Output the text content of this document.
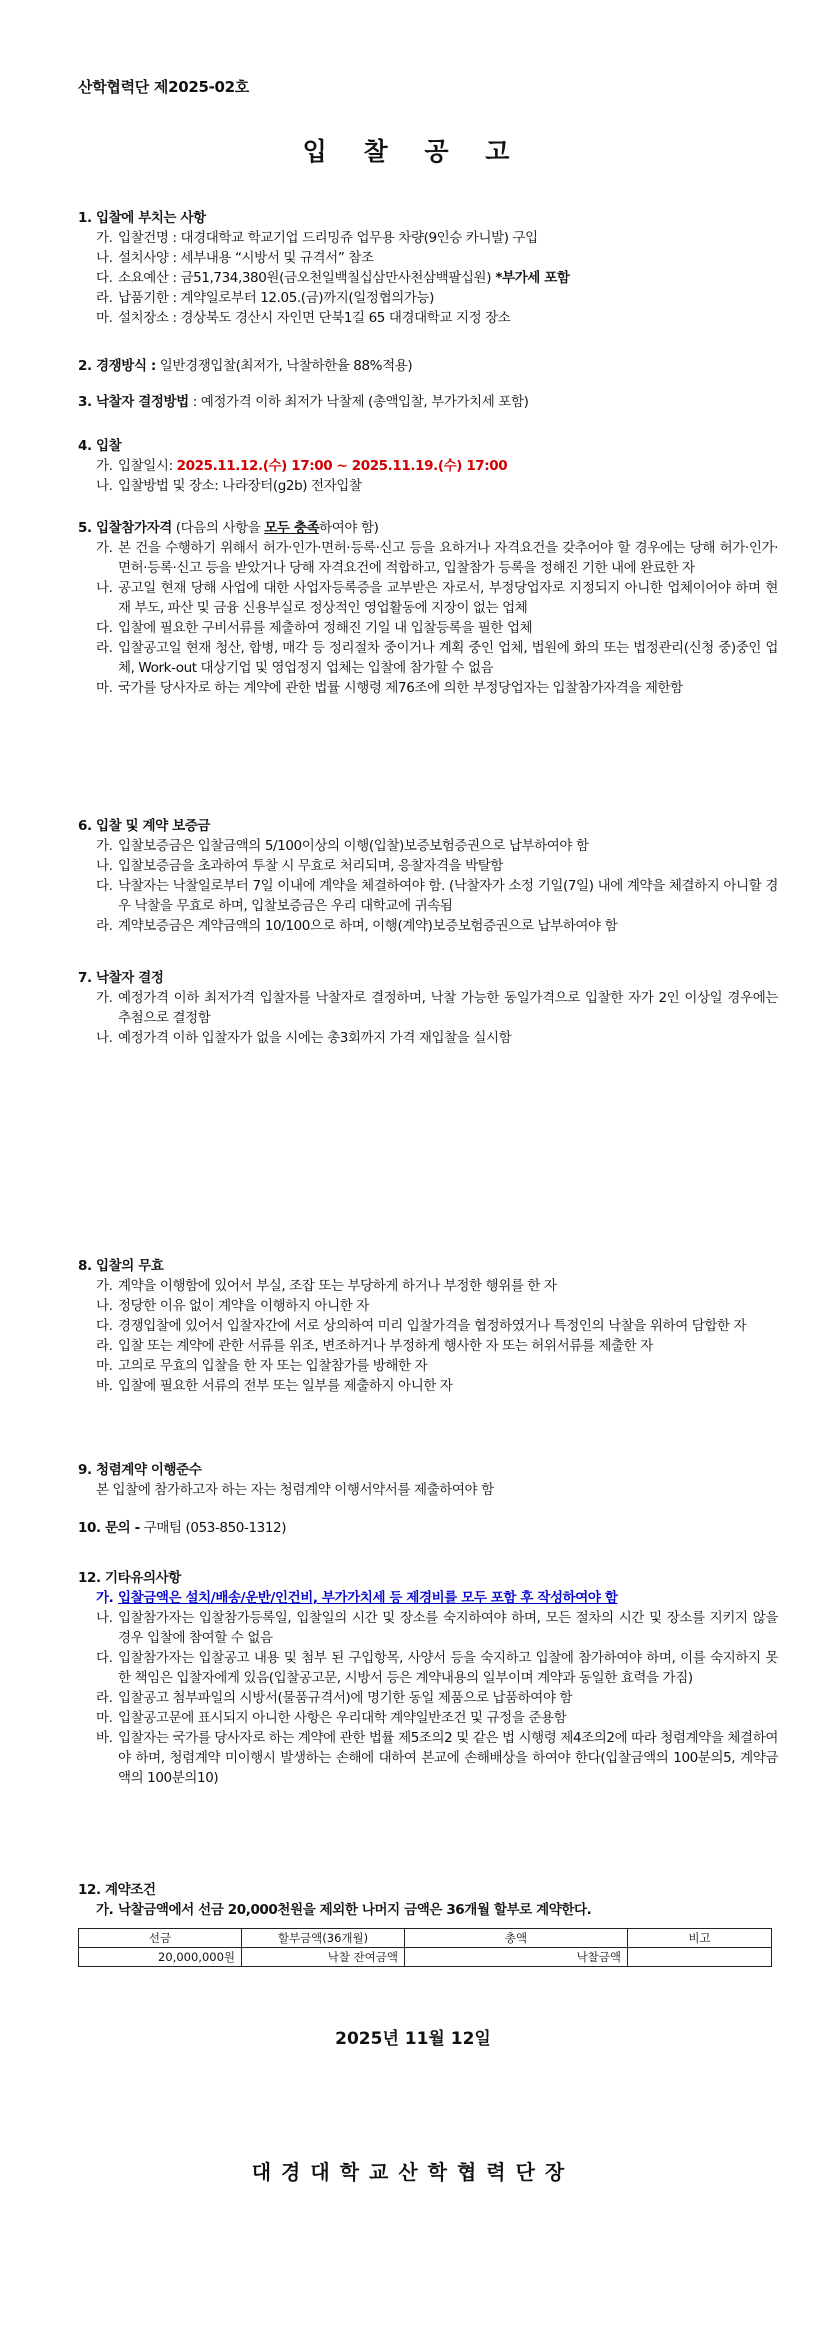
산학협력단 제2025-02호
입 찰 공 고
1. 입찰에 부치는 사항
가. 입찰건명 : 대경대학교 학교기업 드리밍쥬 업무용 차량(9인승 카니발) 구입
나. 설치사양 : 세부내용 “시방서 및 규격서” 참조
다. 소요예산 : 금51,734,380원(금오천일백칠십삼만사천삼백팔십원) *부가세 포함
라. 납품기한 : 계약일로부터 12.05.(금)까지(일정협의가능)
마. 설치장소 : 경상북도 경산시 자인면 단북1길 65 대경대학교 지정 장소
2. 경쟁방식 : 일반경쟁입찰(최저가, 낙찰하한율 88%적용)
3. 낙찰자 결정방법 : 예정가격 이하 최저가 낙찰제 (총액입찰, 부가가치세 포함)
4. 입찰
가. 입찰일시: 2025.11.12.(수) 17:00 ~ 2025.11.19.(수) 17:00
나. 입찰방법 및 장소: 나라장터(g2b) 전자입찰
5. 입찰참가자격 (다음의 사항을 모두 충족하여야 함)
가. 본 건을 수행하기 위해서 허가·인가·면허·등록·신고 등을 요하거나 자격요건을 갖추어야 할 경우에는 당해 허가·인가·면허·등록·신고 등을 받았거나 당해 자격요건에 적합하고, 입찰참가 등록을 정해진 기한 내에 완료한 자
나. 공고일 현재 당해 사업에 대한 사업자등록증을 교부받은 자로서, 부정당업자로 지정되지 아니한 업체이어야 하며 현재 부도, 파산 및 금융 신용부실로 정상적인 영업활동에 지장이 없는 업체
다. 입찰에 필요한 구비서류를 제출하여 정해진 기일 내 입찰등록을 필한 업체
라. 입찰공고일 현재 청산, 합병, 매각 등 정리절차 중이거나 계획 중인 업체, 법원에 화의 또는 법정관리(신청 중)중인 업체, Work-out 대상기업 및 영업정지 업체는 입찰에 참가할 수 없음
마. 국가를 당사자로 하는 계약에 관한 법률 시행령 제76조에 의한 부정당업자는 입찰참가자격을 제한함
6. 입찰 및 계약 보증금
가. 입찰보증금은 입찰금액의 5/100이상의 이행(입찰)보증보험증권으로 납부하여야 함
나. 입찰보증금을 초과하여 투찰 시 무효로 처리되며, 응찰자격을 박탈함
다. 낙찰자는 낙찰일로부터 7일 이내에 계약을 체결하여야 함. (낙찰자가 소정 기일(7일) 내에 계약을 체결하지 아니할 경우 낙찰을 무효로 하며, 입찰보증금은 우리 대학교에 귀속됨
라. 계약보증금은 계약금액의 10/100으로 하며, 이행(계약)보증보험증권으로 납부하여야 함
7. 낙찰자 결정
가. 예정가격 이하 최저가격 입찰자를 낙찰자로 결정하며, 낙찰 가능한 동일가격으로 입찰한 자가 2인 이상일 경우에는 추첨으로 결정함
나. 예정가격 이하 입찰자가 없을 시에는 총3회까지 가격 재입찰을 실시함
8. 입찰의 무효
가. 계약을 이행함에 있어서 부실, 조잡 또는 부당하게 하거나 부정한 행위를 한 자
나. 정당한 이유 없이 계약을 이행하지 아니한 자
다. 경쟁입찰에 있어서 입찰자간에 서로 상의하여 미리 입찰가격을 협정하였거나 특정인의 낙찰을 위하여 담합한 자
라. 입찰 또는 계약에 관한 서류를 위조, 변조하거나 부정하게 행사한 자 또는 허위서류를 제출한 자
마. 고의로 무효의 입찰을 한 자 또는 입찰참가를 방해한 자
바. 입찰에 필요한 서류의 전부 또는 일부를 제출하지 아니한 자
9. 청렴계약 이행준수
본 입찰에 참가하고자 하는 자는 청렴계약 이행서약서를 제출하여야 함
10. 문의 - 구매팀 (053-850-1312)
12. 기타유의사항
가. 입찰금액은 설치/배송/운반/인건비, 부가가치세 등 제경비를 모두 포함 후 작성하여야 함
나. 입찰참가자는 입찰참가등록일, 입찰일의 시간 및 장소를 숙지하여야 하며, 모든 절차의 시간 및 장소를 지키지 않을 경우 입찰에 참여할 수 없음
다. 입찰참가자는 입찰공고 내용 및 첨부 된 구입항목, 사양서 등을 숙지하고 입찰에 참가하여야 하며, 이를 숙지하지 못한 책임은 입찰자에게 있음(입찰공고문, 시방서 등은 계약내용의 일부이며 계약과 동일한 효력을 가짐)
라. 입찰공고 첨부파일의 시방서(물품규격서)에 명기한 동일 제품으로 납품하여야 함
마. 입찰공고문에 표시되지 아니한 사항은 우리대학 계약일반조건 및 규정을 준용함
바. 입찰자는 국가를 당사자로 하는 계약에 관한 법률 제5조의2 및 같은 법 시행령 제4조의2에 따라 청렴계약을 체결하여야 하며, 청렴계약 미이행시 발생하는 손해에 대하여 본교에 손해배상을 하여야 한다(입찰금액의 100분의5, 계약금액의 100분의10)
12. 계약조건
가. 낙찰금액에서 선금 20,000천원을 제외한 나머지 금액은 36개월 할부로 계약한다.
선금	할부금액(36개월)	총액	비고
20,000,000원	낙찰 잔여금액	낙찰금액	
2025년 11월 12일
대경대학교산학협력단장
